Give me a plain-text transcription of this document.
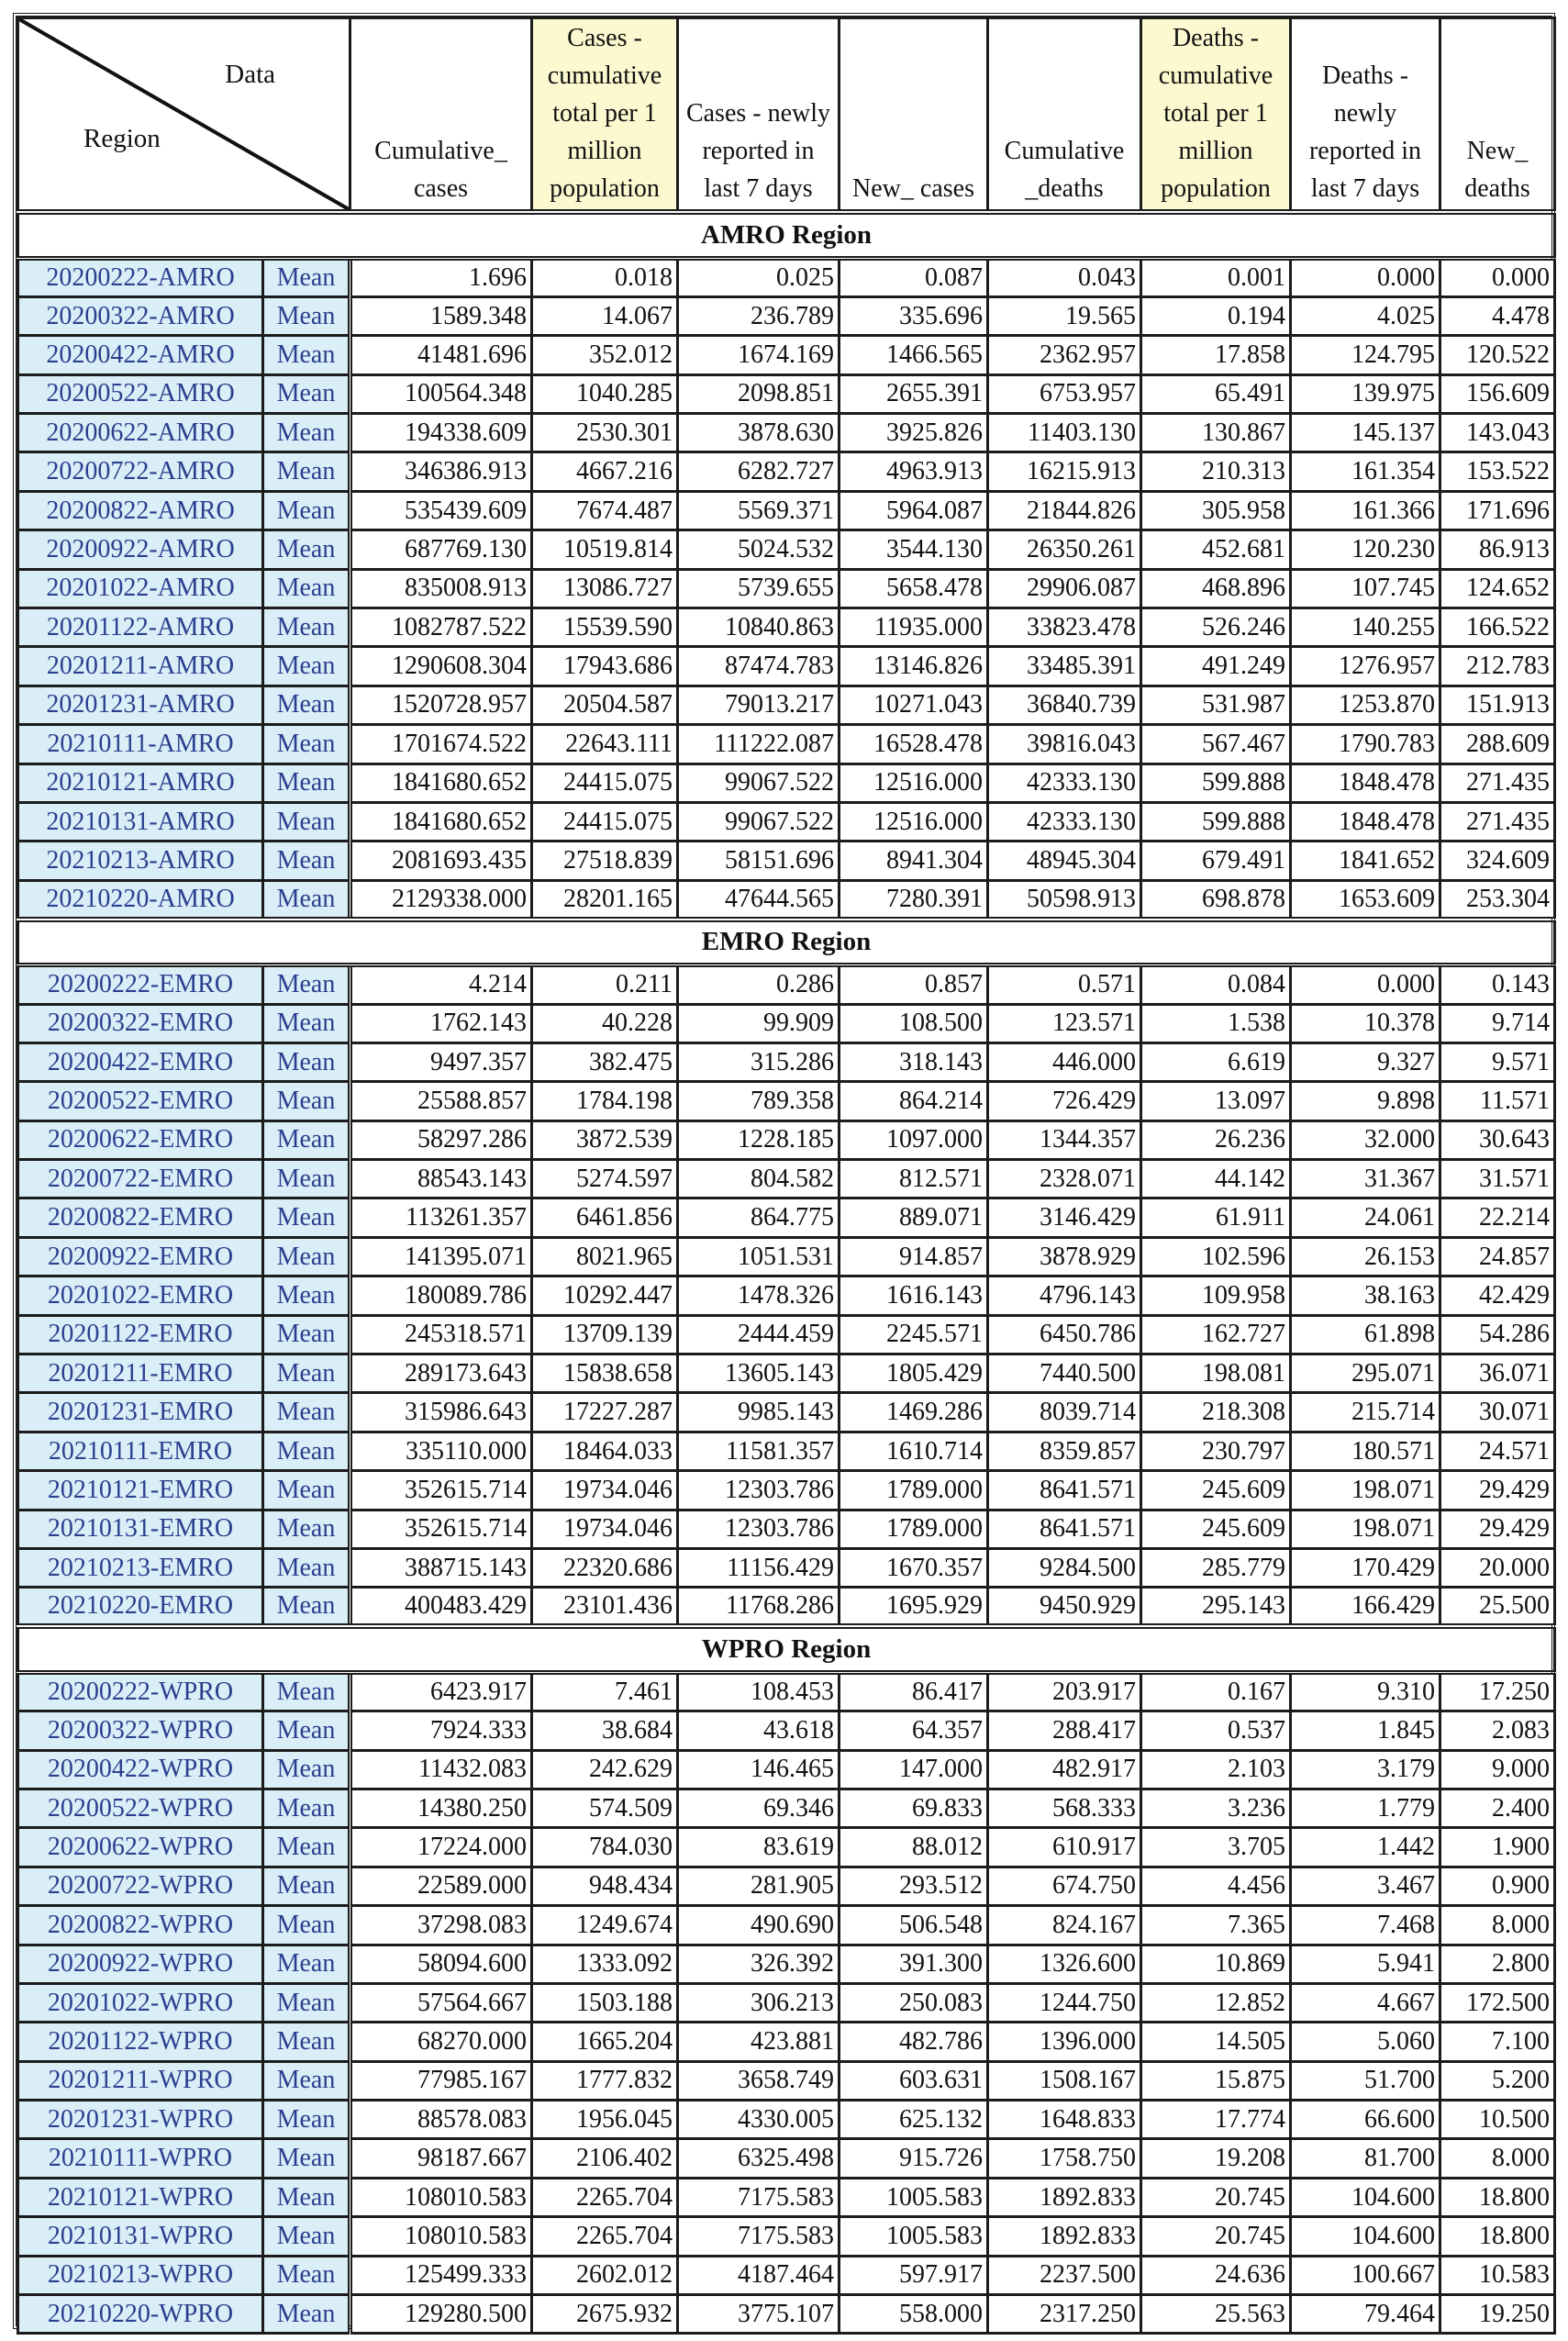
Data
Region		Cumulative_ cases	Cases - cumulative total per 1 million population	Cases - newly reported in last 7 days	New_ cases	Cumulative _deaths	Deaths - cumulative total per 1 million population	Deaths - newly reported in last 7 days	New_ deaths
AMRO Region									
20200222-AMRO	Mean	1.696	0.018	0.025	0.087	0.043	0.001	0.000	0.000
20200322-AMRO	Mean	1589.348	14.067	236.789	335.696	19.565	0.194	4.025	4.478
20200422-AMRO	Mean	41481.696	352.012	1674.169	1466.565	2362.957	17.858	124.795	120.522
20200522-AMRO	Mean	100564.348	1040.285	2098.851	2655.391	6753.957	65.491	139.975	156.609
20200622-AMRO	Mean	194338.609	2530.301	3878.630	3925.826	11403.130	130.867	145.137	143.043
20200722-AMRO	Mean	346386.913	4667.216	6282.727	4963.913	16215.913	210.313	161.354	153.522
20200822-AMRO	Mean	535439.609	7674.487	5569.371	5964.087	21844.826	305.958	161.366	171.696
20200922-AMRO	Mean	687769.130	10519.814	5024.532	3544.130	26350.261	452.681	120.230	86.913
20201022-AMRO	Mean	835008.913	13086.727	5739.655	5658.478	29906.087	468.896	107.745	124.652
20201122-AMRO	Mean	1082787.522	15539.590	10840.863	11935.000	33823.478	526.246	140.255	166.522
20201211-AMRO	Mean	1290608.304	17943.686	87474.783	13146.826	33485.391	491.249	1276.957	212.783
20201231-AMRO	Mean	1520728.957	20504.587	79013.217	10271.043	36840.739	531.987	1253.870	151.913
20210111-AMRO	Mean	1701674.522	22643.111	111222.087	16528.478	39816.043	567.467	1790.783	288.609
20210121-AMRO	Mean	1841680.652	24415.075	99067.522	12516.000	42333.130	599.888	1848.478	271.435
20210131-AMRO	Mean	1841680.652	24415.075	99067.522	12516.000	42333.130	599.888	1848.478	271.435
20210213-AMRO	Mean	2081693.435	27518.839	58151.696	8941.304	48945.304	679.491	1841.652	324.609
20210220-AMRO	Mean	2129338.000	28201.165	47644.565	7280.391	50598.913	698.878	1653.609	253.304
EMRO Region									
20200222-EMRO	Mean	4.214	0.211	0.286	0.857	0.571	0.084	0.000	0.143
20200322-EMRO	Mean	1762.143	40.228	99.909	108.500	123.571	1.538	10.378	9.714
20200422-EMRO	Mean	9497.357	382.475	315.286	318.143	446.000	6.619	9.327	9.571
20200522-EMRO	Mean	25588.857	1784.198	789.358	864.214	726.429	13.097	9.898	11.571
20200622-EMRO	Mean	58297.286	3872.539	1228.185	1097.000	1344.357	26.236	32.000	30.643
20200722-EMRO	Mean	88543.143	5274.597	804.582	812.571	2328.071	44.142	31.367	31.571
20200822-EMRO	Mean	113261.357	6461.856	864.775	889.071	3146.429	61.911	24.061	22.214
20200922-EMRO	Mean	141395.071	8021.965	1051.531	914.857	3878.929	102.596	26.153	24.857
20201022-EMRO	Mean	180089.786	10292.447	1478.326	1616.143	4796.143	109.958	38.163	42.429
20201122-EMRO	Mean	245318.571	13709.139	2444.459	2245.571	6450.786	162.727	61.898	54.286
20201211-EMRO	Mean	289173.643	15838.658	13605.143	1805.429	7440.500	198.081	295.071	36.071
20201231-EMRO	Mean	315986.643	17227.287	9985.143	1469.286	8039.714	218.308	215.714	30.071
20210111-EMRO	Mean	335110.000	18464.033	11581.357	1610.714	8359.857	230.797	180.571	24.571
20210121-EMRO	Mean	352615.714	19734.046	12303.786	1789.000	8641.571	245.609	198.071	29.429
20210131-EMRO	Mean	352615.714	19734.046	12303.786	1789.000	8641.571	245.609	198.071	29.429
20210213-EMRO	Mean	388715.143	22320.686	11156.429	1670.357	9284.500	285.779	170.429	20.000
20210220-EMRO	Mean	400483.429	23101.436	11768.286	1695.929	9450.929	295.143	166.429	25.500
WPRO Region									
20200222-WPRO	Mean	6423.917	7.461	108.453	86.417	203.917	0.167	9.310	17.250
20200322-WPRO	Mean	7924.333	38.684	43.618	64.357	288.417	0.537	1.845	2.083
20200422-WPRO	Mean	11432.083	242.629	146.465	147.000	482.917	2.103	3.179	9.000
20200522-WPRO	Mean	14380.250	574.509	69.346	69.833	568.333	3.236	1.779	2.400
20200622-WPRO	Mean	17224.000	784.030	83.619	88.012	610.917	3.705	1.442	1.900
20200722-WPRO	Mean	22589.000	948.434	281.905	293.512	674.750	4.456	3.467	0.900
20200822-WPRO	Mean	37298.083	1249.674	490.690	506.548	824.167	7.365	7.468	8.000
20200922-WPRO	Mean	58094.600	1333.092	326.392	391.300	1326.600	10.869	5.941	2.800
20201022-WPRO	Mean	57564.667	1503.188	306.213	250.083	1244.750	12.852	4.667	172.500
20201122-WPRO	Mean	68270.000	1665.204	423.881	482.786	1396.000	14.505	5.060	7.100
20201211-WPRO	Mean	77985.167	1777.832	3658.749	603.631	1508.167	15.875	51.700	5.200
20201231-WPRO	Mean	88578.083	1956.045	4330.005	625.132	1648.833	17.774	66.600	10.500
20210111-WPRO	Mean	98187.667	2106.402	6325.498	915.726	1758.750	19.208	81.700	8.000
20210121-WPRO	Mean	108010.583	2265.704	7175.583	1005.583	1892.833	20.745	104.600	18.800
20210131-WPRO	Mean	108010.583	2265.704	7175.583	1005.583	1892.833	20.745	104.600	18.800
20210213-WPRO	Mean	125499.333	2602.012	4187.464	597.917	2237.500	24.636	100.667	10.583
20210220-WPRO	Mean	129280.500	2675.932	3775.107	558.000	2317.250	25.563	79.464	19.250
